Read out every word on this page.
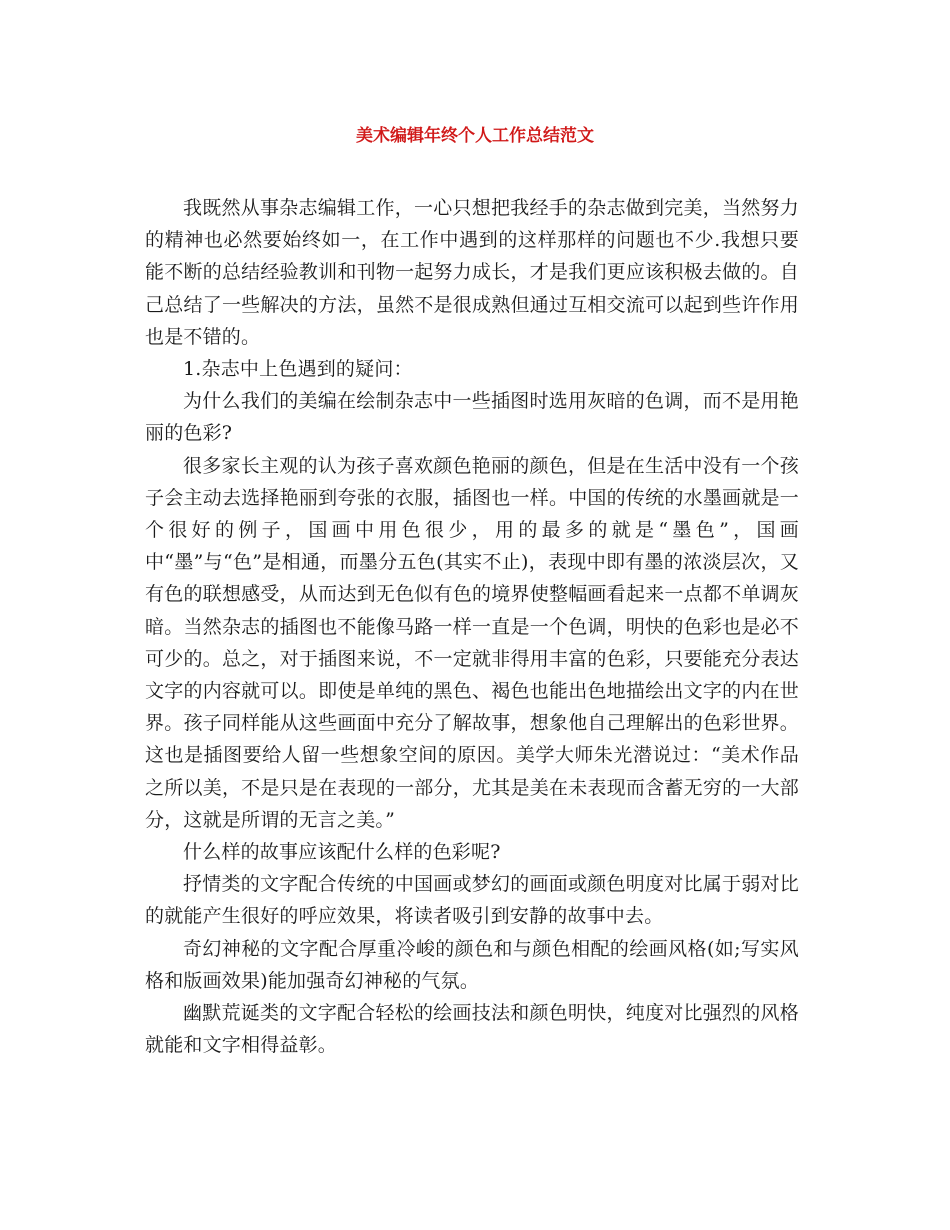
美术编辑年终个人工作总结范文

我既然从事杂志编辑工作，一心只想把我经手的杂志做到完美，当然努力的精神也必然要始终如一，在工作中遇到的这样那样的问题也不少.我想只要能不断的总结经验教训和刊物一起努力成长，才是我们更应该积极去做的。自己总结了一些解决的方法，虽然不是很成熟但通过互相交流可以起到些许作用也是不错的。

1.杂志中上色遇到的疑问：

为什么我们的美编在绘制杂志中一些插图时选用灰暗的色调，而不是用艳丽的色彩?

很多家长主观的认为孩子喜欢颜色艳丽的颜色，但是在生活中没有一个孩子会主动去选择艳丽到夸张的衣服，插图也一样。中国的传统的水墨画就是一个很好的例子，国画中用色很少，用的最多的就是“墨色”，国画中“墨”与“色”是相通，而墨分五色(其实不止)，表现中即有墨的浓淡层次，又有色的联想感受，从而达到无色似有色的境界使整幅画看起来一点都不单调灰暗。当然杂志的插图也不能像马路一样一直是一个色调，明快的色彩也是必不可少的。总之，对于插图来说，不一定就非得用丰富的色彩，只要能充分表达文字的内容就可以。即使是单纯的黑色、褐色也能出色地描绘出文字的内在世界。孩子同样能从这些画面中充分了解故事，想象他自己理解出的色彩世界。这也是插图要给人留一些想象空间的原因。美学大师朱光潜说过：“美术作品之所以美，不是只是在表现的一部分，尤其是美在未表现而含蓄无穷的一大部分，这就是所谓的无言之美。”

什么样的故事应该配什么样的色彩呢?

抒情类的文字配合传统的中国画或梦幻的画面或颜色明度对比属于弱对比的就能产生很好的呼应效果，将读者吸引到安静的故事中去。

奇幻神秘的文字配合厚重冷峻的颜色和与颜色相配的绘画风格(如;写实风格和版画效果)能加强奇幻神秘的气氛。

幽默荒诞类的文字配合轻松的绘画技法和颜色明快，纯度对比强烈的风格就能和文字相得益彰。
